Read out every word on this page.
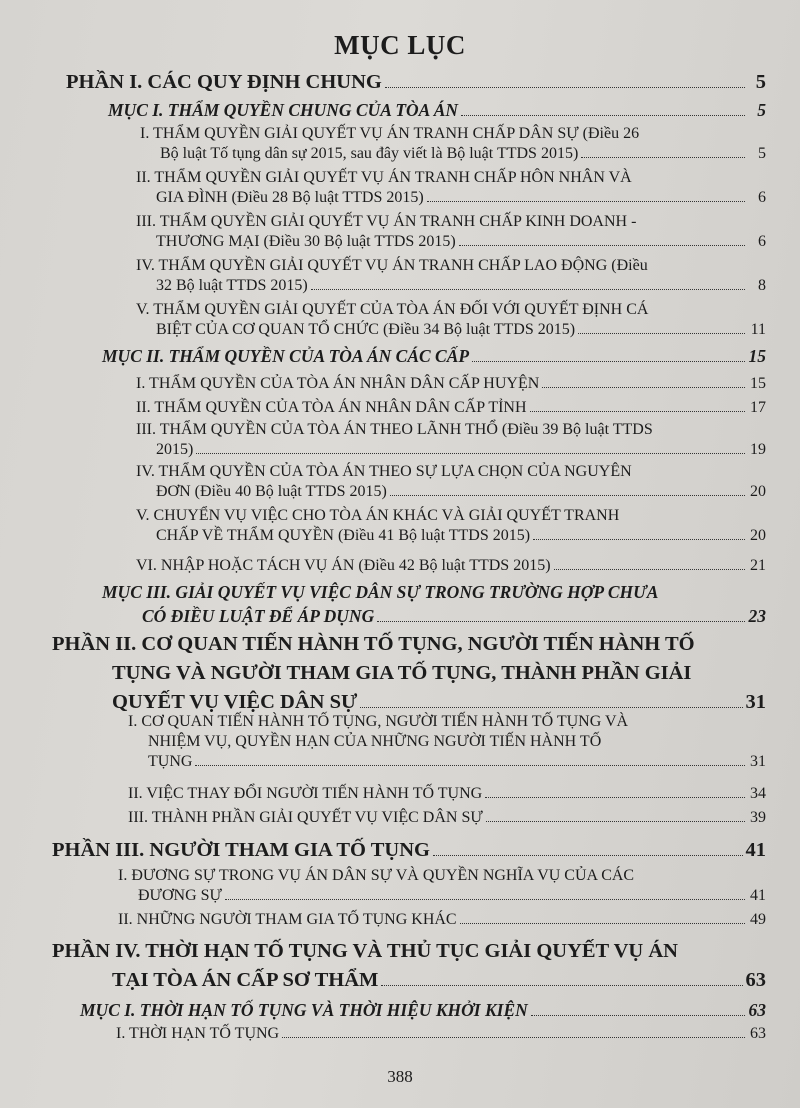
MỤC LỤC
PHẦN I. CÁC QUY ĐỊNH CHUNG	5
MỤC I. THẨM QUYỀN CHUNG CỦA TÒA ÁN	5
I. THẨM QUYỀN GIẢI QUYẾT VỤ ÁN TRANH CHẤP DÂN SỰ (Điều 26
Bộ luật Tố tụng dân sự 2015, sau đây viết là Bộ luật TTDS 2015)	5
II. THẨM QUYỀN GIẢI QUYẾT VỤ ÁN TRANH CHẤP HÔN NHÂN VÀ
GIA ĐÌNH (Điều 28 Bộ luật TTDS 2015)	6
III. THẨM QUYỀN GIẢI QUYẾT VỤ ÁN TRANH CHẤP KINH DOANH -
THƯƠNG MẠI (Điều 30 Bộ luật TTDS 2015)	6
IV. THẨM QUYỀN GIẢI QUYẾT VỤ ÁN TRANH CHẤP LAO ĐỘNG (Điều
32 Bộ luật TTDS 2015)	8
V. THẨM QUYỀN GIẢI QUYẾT CỦA TÒA ÁN ĐỐI VỚI QUYẾT ĐỊNH CÁ
BIỆT CỦA CƠ QUAN TỔ CHỨC (Điều 34 Bộ luật TTDS 2015)	11
MỤC II. THẨM QUYỀN CỦA TÒA ÁN CÁC CẤP	15
I. THẨM QUYỀN CỦA TÒA ÁN NHÂN DÂN CẤP HUYỆN	15
II. THẨM QUYỀN CỦA TÒA ÁN NHÂN DÂN CẤP TỈNH	17
III. THẨM QUYỀN CỦA TÒA ÁN THEO LÃNH THỔ (Điều 39 Bộ luật TTDS
2015)	19
IV. THẨM QUYỀN CỦA TÒA ÁN THEO SỰ LỰA CHỌN CỦA NGUYÊN
ĐƠN (Điều 40 Bộ luật TTDS 2015)	20
V. CHUYỂN VỤ VIỆC CHO TÒA ÁN KHÁC VÀ GIẢI QUYẾT TRANH
CHẤP VỀ THẨM QUYỀN (Điều 41 Bộ luật TTDS 2015)	20
VI. NHẬP HOẶC TÁCH VỤ ÁN (Điều 42 Bộ luật TTDS 2015)	21
MỤC III. GIẢI QUYẾT VỤ VIỆC DÂN SỰ TRONG TRƯỜNG HỢP CHƯA
CÓ ĐIỀU LUẬT ĐỂ ÁP DỤNG	23
PHẦN II. CƠ QUAN TIẾN HÀNH TỐ TỤNG, NGƯỜI TIẾN HÀNH TỐ
TỤNG VÀ NGƯỜI THAM GIA TỐ TỤNG, THÀNH PHẦN GIẢI
QUYẾT VỤ VIỆC DÂN SỰ	31
I. CƠ QUAN TIẾN HÀNH TỐ TỤNG, NGƯỜI TIẾN HÀNH TỐ TỤNG VÀ
NHIỆM VỤ, QUYỀN HẠN CỦA NHỮNG NGƯỜI TIẾN HÀNH TỐ
TỤNG	31
II. VIỆC THAY ĐỔI NGƯỜI TIẾN HÀNH TỐ TỤNG	34
III. THÀNH PHẦN GIẢI QUYẾT VỤ VIỆC DÂN SỰ	39
PHẦN III. NGƯỜI THAM GIA TỐ TỤNG	41
I. ĐƯƠNG SỰ TRONG VỤ ÁN DÂN SỰ VÀ QUYỀN NGHĨA VỤ CỦA CÁC
ĐƯƠNG SỰ	41
II. NHỮNG NGƯỜI THAM GIA TỐ TỤNG KHÁC	49
PHẦN IV. THỜI HẠN TỐ TỤNG VÀ THỦ TỤC GIẢI QUYẾT VỤ ÁN
TẠI TÒA ÁN CẤP SƠ THẨM	63
MỤC I. THỜI HẠN TỐ TỤNG VÀ THỜI HIỆU KHỞI KIỆN	63
I. THỜI HẠN TỐ TỤNG	63
388
